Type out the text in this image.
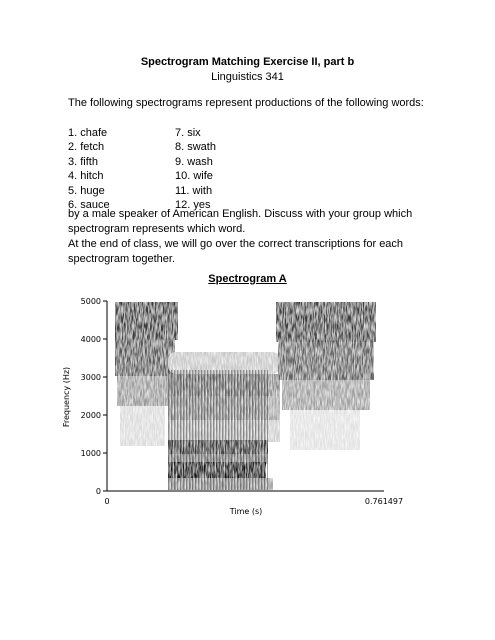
Spectrogram Matching Exercise II, part b
Linguistics 341

The following spectrograms represent productions of the following words:

1. chafe
2. fetch
3. fifth
4. hitch
5. huge
6. sauce
7. six
8. swath
9. wash
10. wife
11. with
12. yes

by a male speaker of American English. Discuss with your group which spectrogram represents which word.

At the end of class, we will go over the correct transcriptions for each spectrogram together.

Spectrogram A
0
1000
2000
3000
4000
5000
Frequency (Hz)
0	0.761497
Time (s)
